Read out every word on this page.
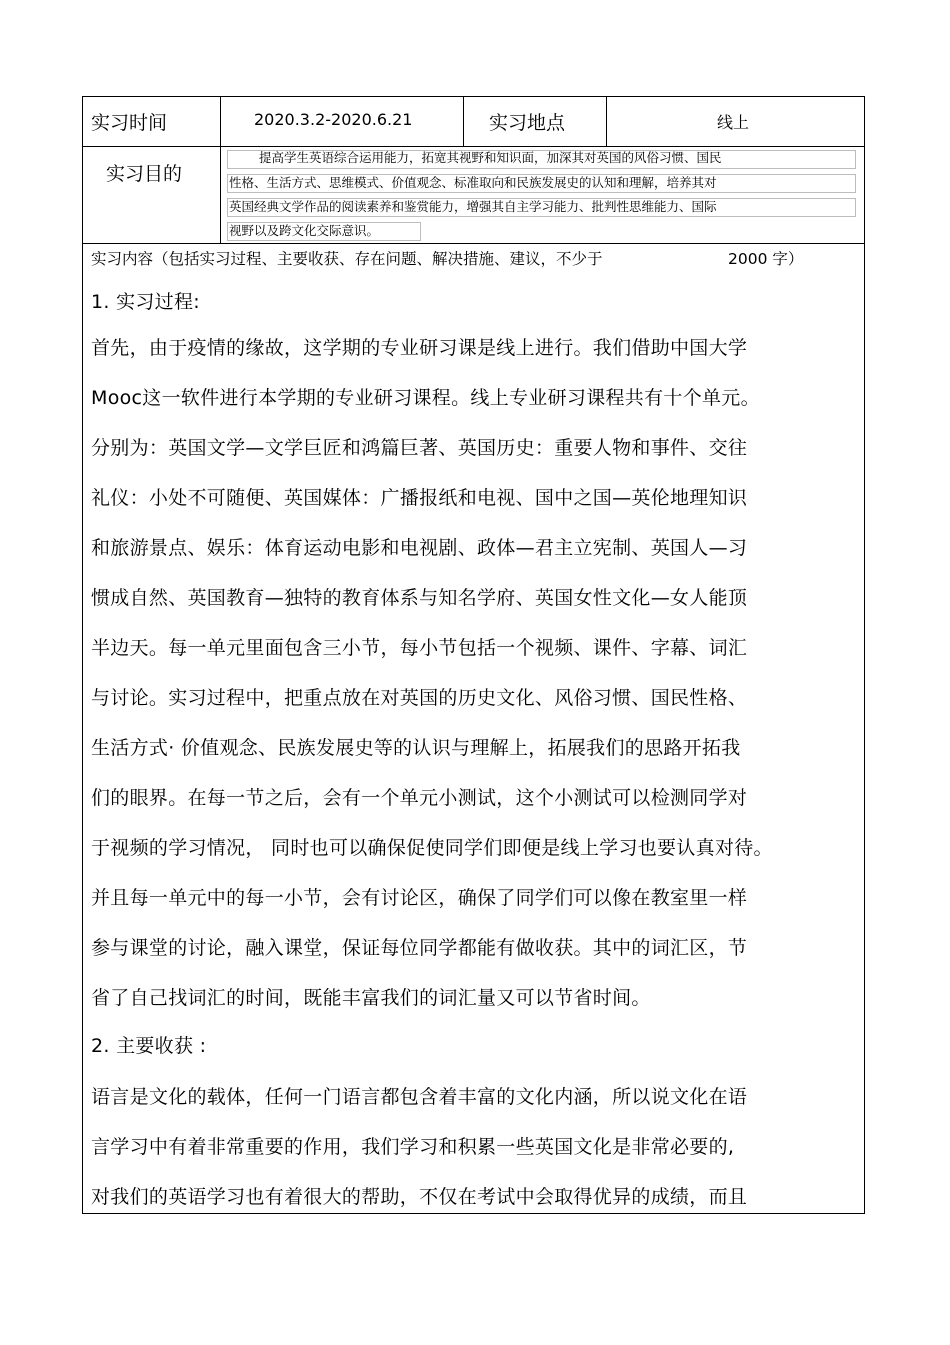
实习时间	2020.3.2-2020.6.21	实习地点	线上
实习目的
提高学生英语综合运用能力，拓宽其视野和知识面，加深其对英国的风俗习惯、国民
性格、生活方式、思维模式、价值观念、标准取向和民族发展史的认知和理解，培养其对
英国经典文学作品的阅读素养和鉴赏能力，增强其自主学习能力、批判性思维能力、国际
视野以及跨文化交际意识。
实习内容（包括实习过程、主要收获、存在问题、解决措施、建议，不少于	2000 字）
1. 实习过程:
首先，由于疫情的缘故，这学期的专业研习课是线上进行。我们借助中国大学
Mooc这一软件进行本学期的专业研习课程。线上专业研习课程共有十个单元。
分别为：英国文学—文学巨匠和鸿篇巨著、英国历史：重要人物和事件、交往
礼仪：小处不可随便、英国媒体：广播报纸和电视、国中之国—英伦地理知识
和旅游景点、娱乐：体育运动电影和电视剧、政体—君主立宪制、英国人—习
惯成自然、英国教育—独特的教育体系与知名学府、英国女性文化—女人能顶
半边天。每一单元里面包含三小节，每小节包括一个视频、课件、字幕、词汇
与讨论。实习过程中，把重点放在对英国的历史文化、风俗习惯、国民性格、
生活方式· 价值观念、民族发展史等的认识与理解上，拓展我们的思路开拓我
们的眼界。在每一节之后，会有一个单元小测试，这个小测试可以检测同学对
于视频的学习情况， 同时也可以确保促使同学们即便是线上学习也要认真对待。
并且每一单元中的每一小节，会有讨论区，确保了同学们可以像在教室里一样
参与课堂的讨论，融入课堂，保证每位同学都能有做收获。其中的词汇区，节
省了自己找词汇的时间，既能丰富我们的词汇量又可以节省时间。
2. 主要收获 :
语言是文化的载体，任何一门语言都包含着丰富的文化内涵，所以说文化在语
言学习中有着非常重要的作用，我们学习和积累一些英国文化是非常必要的,
对我们的英语学习也有着很大的帮助，不仅在考试中会取得优异的成绩，而且
